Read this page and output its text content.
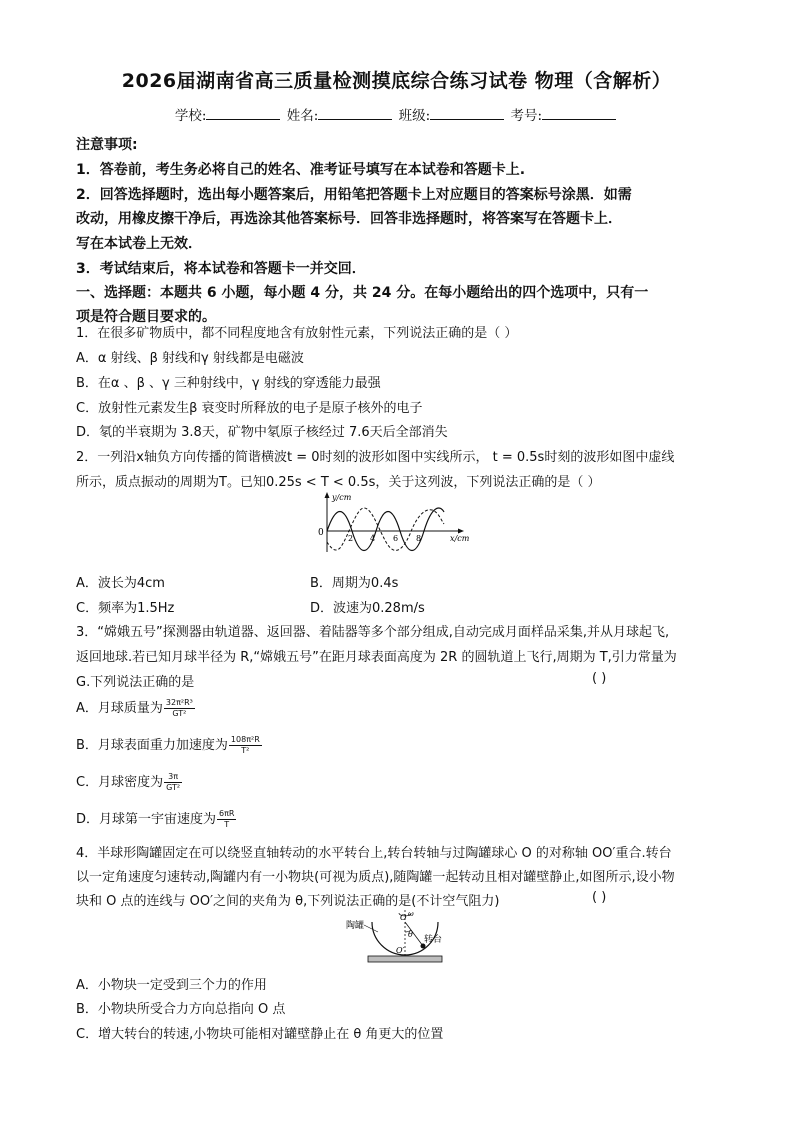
2026届湖南省高三质量检测摸底综合练习试卷 物理（含解析）
学校:	姓名:	班级:	考号:
注意事项:
1．答卷前，考生务必将自己的姓名、准考证号填写在本试卷和答题卡上.
2．回答选择题时，选出每小题答案后，用铅笔把答题卡上对应题目的答案标号涂黑．如需
改动，用橡皮擦干净后，再选涂其他答案标号．回答非选择题时，将答案写在答题卡上．
写在本试卷上无效．
3．考试结束后，将本试卷和答题卡一并交回．
一、选择题：本题共 6 小题，每小题 4 分，共 24 分。在每小题给出的四个选项中，只有一
项是符合题目要求的。
1．在很多矿物质中，都不同程度地含有放射性元素，下列说法正确的是（ ）
A．α 射线、β 射线和γ 射线都是电磁波
B．在α 、β 、γ 三种射线中，γ 射线的穿透能力最强
C．放射性元素发生β 衰变时所释放的电子是原子核外的电子
D．氡的半衰期为 3.8天，矿物中氡原子核经过 7.6天后全部消失
2．一列沿x轴负方向传播的简谐横波t = 0时刻的波形如图中实线所示， t = 0.5s时刻的波形如图中虚线
所示，质点振动的周期为T。已知0.25s < T < 0.5s，关于这列波，下列说法正确的是（ ）
y/cm
x/cm
0
2 4 6 8
A．波长为4cm	B．周期为0.4s
C．频率为1.5Hz	D．波速为0.28m/s
3．“嫦娥五号”探测器由轨道器、返回器、着陆器等多个部分组成,自动完成月面样品采集,并从月球起飞,
返回地球.若已知月球半径为 R,“嫦娥五号”在距月球表面高度为 2R 的圆轨道上飞行,周期为 T,引力常量为
G.下列说法正确的是	( )
A．月球质量为 $\frac{\text{32π²R³}}{\text{GT²}}$
B．月球表面重力加速度为 $\frac{\text{108π²R}}{\text{T²}}$
C．月球密度为 $\frac{3\pi}{\text{GT²}}$
D．月球第一宇宙速度为 $\frac{6\pi R}{T}$
4．半球形陶罐固定在可以绕竖直轴转动的水平转台上,转台转轴与过陶罐球心 O 的对称轴 OO′重合.转台
以一定角速度匀速转动,陶罐内有一小物块(可视为质点),随陶罐一起转动且相对罐壁静止,如图所示,设小物
块和 O 点的连线与 OO′之间的夹角为 θ,下列说法正确的是(不计空气阻力)	( )
O
θ
ω
O′
陶罐
转台
A．小物块一定受到三个力的作用
B．小物块所受合力方向总指向 O 点
C．增大转台的转速,小物块可能相对罐壁静止在 θ 角更大的位置
